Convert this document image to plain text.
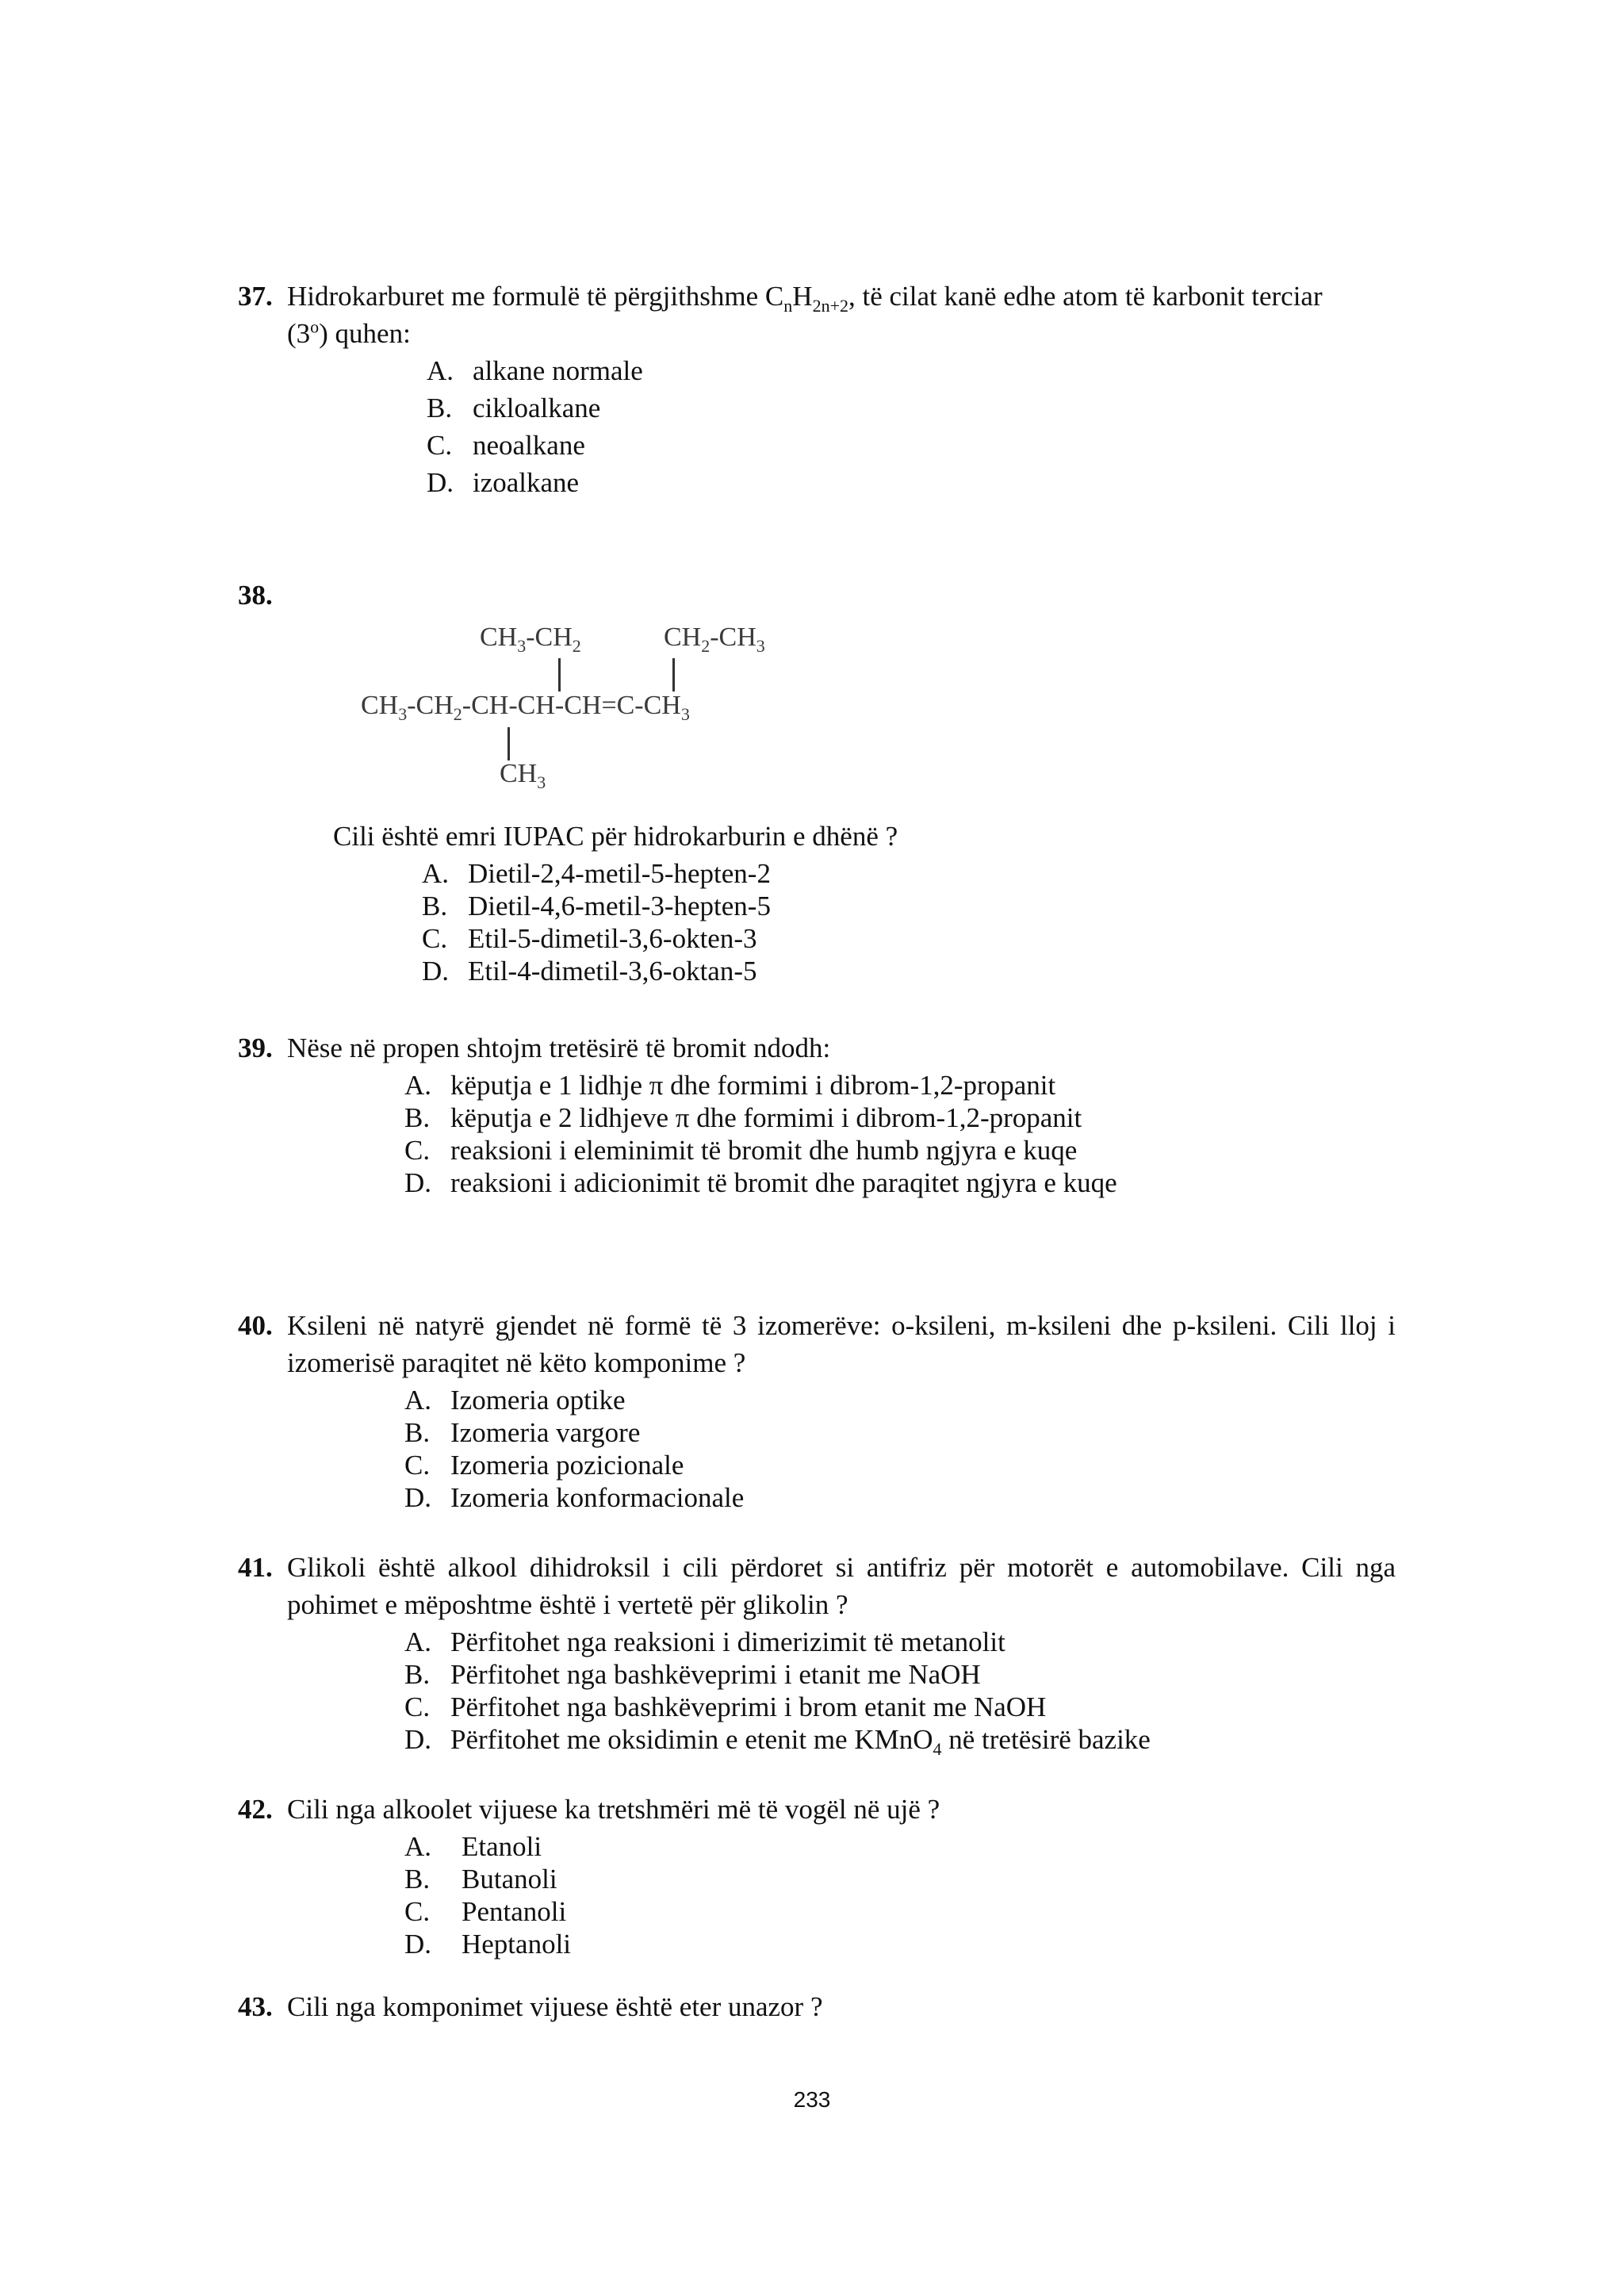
37. Hidrokarburet me formulë të përgjithshme $C_nH_{2n+2}$, të cilat kanë edhe atom të karbonit terciar
(3$^o$) quhen:
A. alkane normale
B. cikloalkane
C. neoalkane
D. izoalkane
38.
$CH_3-CH_2$	$CH_2-CH_3$
$CH_3-CH_2-CH-CH-CH=C-CH_3$
$CH_3$
Cili është emri IUPAC për hidrokarburin e dhënë ?
A. Dietil-2,4-metil-5-hepten-2
B. Dietil-4,6-metil-3-hepten-5
C. Etil-5-dimetil-3,6-okten-3
D. Etil-4-dimetil-3,6-oktan-5
39. Nëse në propen shtojm tretësirë të bromit ndodh:
A. këputja e 1 lidhje π dhe formimi i dibrom-1,2-propanit
B. këputja e 2 lidhjeve π dhe formimi i dibrom-1,2-propanit
C. reaksioni i eleminimit të bromit dhe humb ngjyra e kuqe
D. reaksioni i adicionimit të bromit dhe paraqitet ngjyra e kuqe
40. Ksileni në natyrë gjendet në formë të 3 izomerëve: o-ksileni, m-ksileni dhe p-ksileni. Cili lloj i
izomerisë paraqitet në këto komponime ?
A. Izomeria optike
B. Izomeria vargore
C. Izomeria pozicionale
D. Izomeria konformacionale
41. Glikoli është alkool dihidroksil i cili përdoret si antifriz për motorët e automobilave. Cili nga
pohimet e mëposhtme është i vertetë për glikolin ?
A. Përfitohet nga reaksioni i dimerizimit të metanolit
B. Përfitohet nga bashkëveprimi i etanit me NaOH
C. Përfitohet nga bashkëveprimi i brom etanit me NaOH
D. Përfitohet me oksidimin e etenit me KMnO$_4$ në tretësirë bazike
42. Cili nga alkoolet vijuese ka tretshmëri më të vogël në ujë ?
A. Etanoli
B. Butanoli
C. Pentanoli
D. Heptanoli
43. Cili nga komponimet vijuese është eter unazor ?
233
